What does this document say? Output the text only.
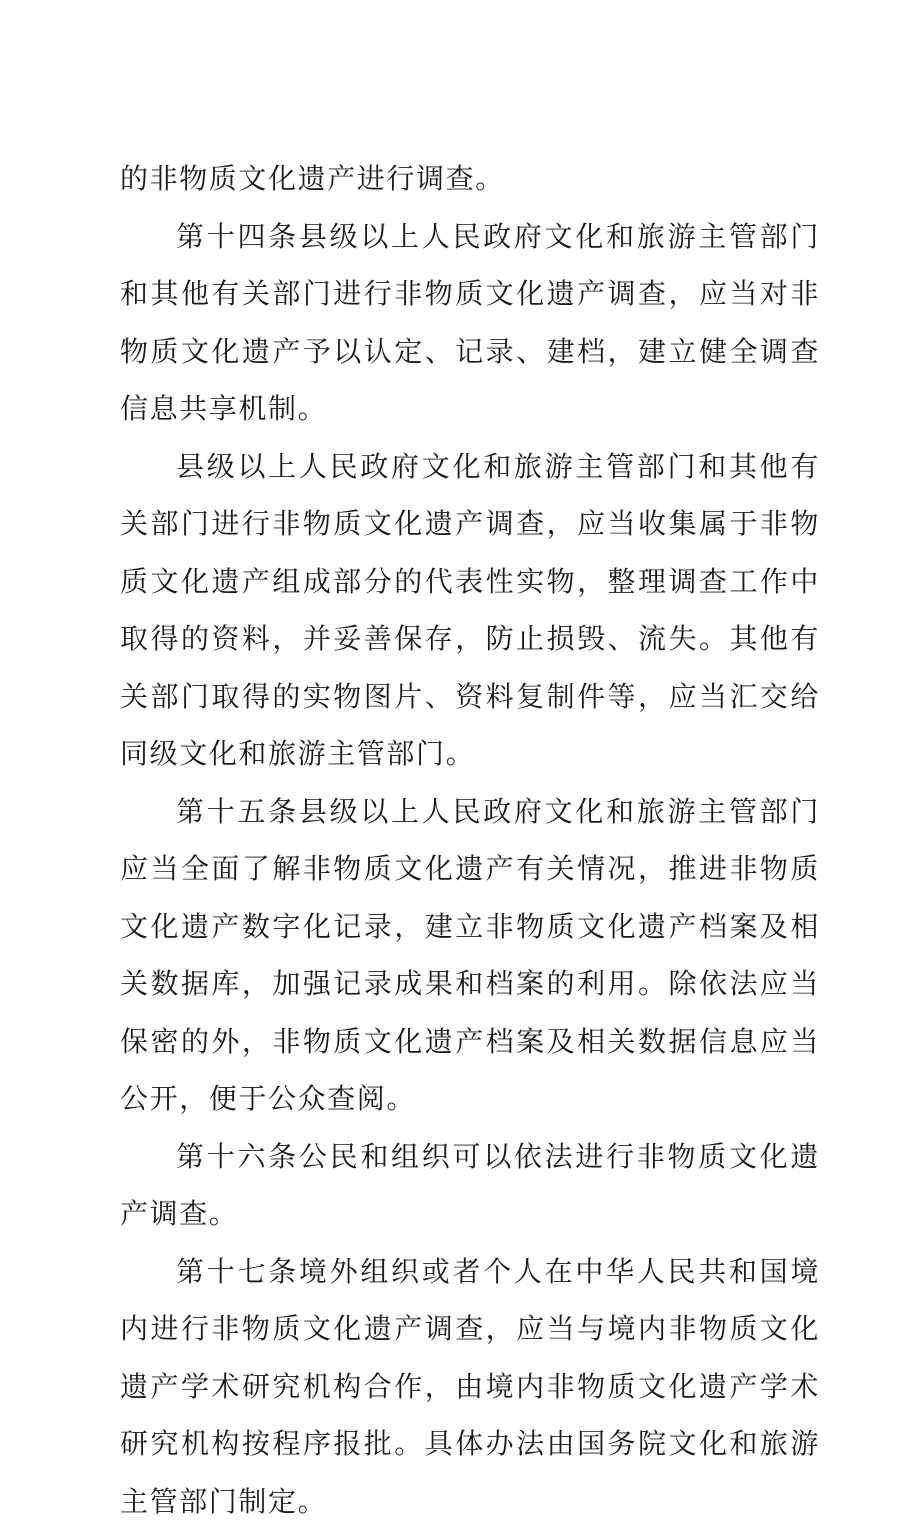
的非物质文化遗产进行调查。

第十四条县级以上人民政府文化和旅游主管部门和其他有关部门进行非物质文化遗产调查，应当对非物质文化遗产予以认定、记录、建档，建立健全调查信息共享机制。

县级以上人民政府文化和旅游主管部门和其他有关部门进行非物质文化遗产调查，应当收集属于非物质文化遗产组成部分的代表性实物，整理调查工作中取得的资料，并妥善保存，防止损毁、流失。其他有关部门取得的实物图片、资料复制件等，应当汇交给同级文化和旅游主管部门。

第十五条县级以上人民政府文化和旅游主管部门应当全面了解非物质文化遗产有关情况，推进非物质文化遗产数字化记录，建立非物质文化遗产档案及相关数据库，加强记录成果和档案的利用。除依法应当保密的外，非物质文化遗产档案及相关数据信息应当公开，便于公众查阅。

第十六条公民和组织可以依法进行非物质文化遗产调查。

第十七条境外组织或者个人在中华人民共和国境内进行非物质文化遗产调查，应当与境内非物质文化遗产学术研究机构合作，由境内非物质文化遗产学术研究机构按程序报批。具体办法由国务院文化和旅游主管部门制定。
